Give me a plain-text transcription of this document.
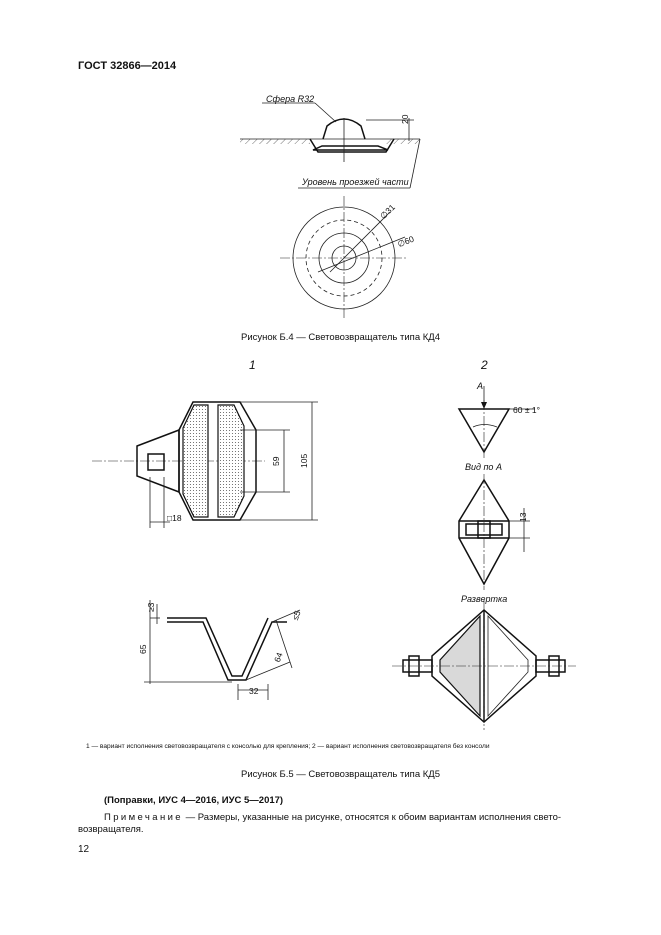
ГОСТ 32866—2014
Сфера R32
20
Уровень проезжей части
∅31
∅60
Рисунок Б.4 — Световозвращатель типа КД4
1	2
59 105
□18
≥3
65
≤5
64
32
А
60 ± 1°
Вид по А
13
Развертка
1 — вариант исполнения световозвращателя с консолью для крепления; 2 — вариант исполнения световозвращателя без консоли
Рисунок Б.5 — Световозвращатель типа КД5
(Поправки, ИУС 4—2016, ИУС 5—2017)
Примечание — Размеры, указанные на рисунке, относятся к обоим вариантам исполнения свето-
возвращателя.
12
